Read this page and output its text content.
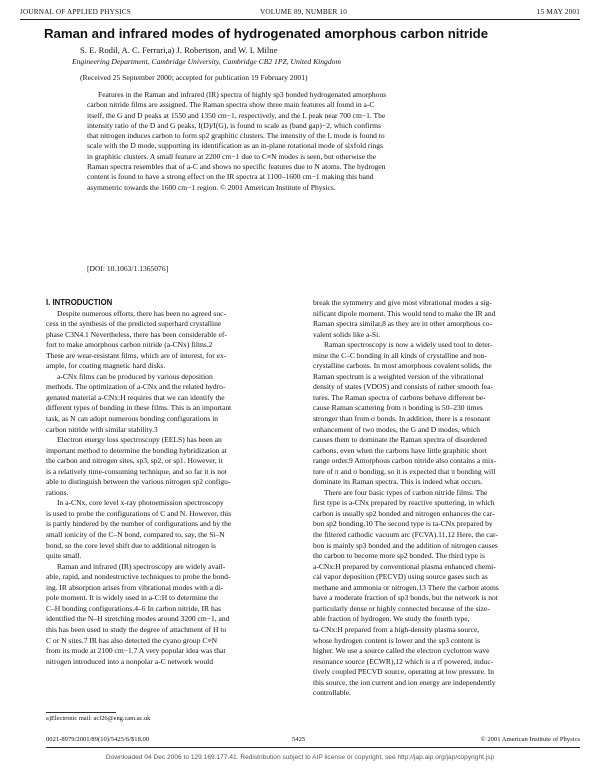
JOURNAL OF APPLIED PHYSICS	VOLUME 89, NUMBER 10	15 MAY 2001
Raman and infrared modes of hydrogenated amorphous carbon nitride
S. E. Rodil, A. C. Ferrari,a) J. Robertson, and W. I. Milne
Engineering Department, Cambridge University, Cambridge CB2 1PZ, United Kingdom
(Received 25 September 2000; accepted for publication 19 February 2001)

Features in the Raman and infrared (IR) spectra of highly sp3 bonded hydrogenated amorphous

carbon nitride films are assigned. The Raman spectra show three main features all found in a-C

itself, the G and D peaks at 1550 and 1350 cm−1, respectively, and the L peak near 700 cm−1. The

intensity ratio of the D and G peaks, I(D)/I(G), is found to scale as (band gap)−2, which confirms

that nitrogen induces carbon to form sp2 graphitic clusters. The intensity of the L mode is found to

scale with the D mode, supporting its identification as an in-plane rotational mode of sixfold rings

in graphitic clusters. A small feature at 2200 cm−1 due to C≡N modes is seen, but otherwise the

Raman spectra resembles that of a-C and shows no specific features due to N atoms. The hydrogen

content is found to have a strong effect on the IR spectra at 1100–1600 cm−1 making this band

asymmetric towards the 1600 cm−1 region. © 2001 American Institute of Physics.

[DOI: 10.1063/1.1365076]

I. INTRODUCTION

Despite numerous efforts, there has been no agreed suc-

cess in the synthesis of the predicted superhard crystalline

phase C3N4.1 Nevertheless, there has been considerable ef-

fort to make amorphous carbon nitride (a-CNx) films.2

These are wear-resistant films, which are of interest, for ex-

ample, for coating magnetic hard disks.

a-CNx films can be produced by various deposition

methods. The optimization of a-CNx and the related hydro-

genated material a-CNx:H requires that we can identify the

different types of bonding in these films. This is an important

task, as N can adopt numerous bonding configurations in

carbon nitride with similar stability.3

Electron energy loss spectroscopy (EELS) has been an

important method to determine the bonding hybridization at

the carbon and nitrogen sites, sp3, sp2, or sp1. However, it

is a relatively time-consuming technique, and so far it is not

able to distinguish between the various nitrogen sp2 configu-

rations.

In a-CNx, core level x-ray photoemission spectroscopy

is used to probe the configurations of C and N. However, this

is partly hindered by the number of configurations and by the

small ionicity of the C–N bond, compared to, say, the Si–N

bond, so the core level shift due to additional nitrogen is

quite small.

Raman and infrared (IR) spectroscopy are widely avail-

able, rapid, and nondestructive techniques to probe the bond-

ing. IR absorption arises from vibrational modes with a di-

pole moment. It is widely used in a-C:H to determine the

C–H bonding configurations.4–6 In carbon nitride, IR has

identified the N–H stretching modes around 3200 cm−1, and

this has been used to study the degree of attachment of H to

C or N sites.7 IR has also detected the cyano group C≡N

from its mode at 2100 cm−1.7 A very popular idea was that

nitrogen introduced into a nonpolar a-C network would

break the symmetry and give most vibrational modes a sig-

nificant dipole moment. This would tend to make the IR and

Raman spectra similar,8 as they are in other amorphous co-

valent solids like a-Si.

Raman spectroscopy is now a widely used tool to deter-

mine the C–C bonding in all kinds of crystalline and non-

crystalline carbons. In most amorphous covalent solids, the

Raman spectrum is a weighted version of the vibrational

density of states (VDOS) and consists of rather smooth fea-

tures. The Raman spectra of carbons behave different be-

cause Raman scattering from π bonding is 50–230 times

stronger than from σ bonds. In addition, there is a resonant

enhancement of two modes, the G and D modes, which

causes them to dominate the Raman spectra of disordered

carbons, even when the carbons have little graphitic short

range order.9 Amorphous carbon nitride also contains a mix-

ture of π and σ bonding, so it is expected that π bonding will

dominate its Raman spectra. This is indeed what occurs.

There are four basic types of carbon nitride films. The

first type is a-CNx prepared by reactive sputtering, in which

carbon is usually sp2 bonded and nitrogen enhances the car-

bon sp2 bonding.10 The second type is ta-CNx prepared by

the filtered cathodic vacuum arc (FCVA).11,12 Here, the car-

bon is mainly sp3 bonded and the addition of nitrogen causes

the carbon to become more sp2 bonded. The third type is

a-CNx:H prepared by conventional plasma enhanced chemi-

cal vapor deposition (PECVD) using source gases such as

methane and ammonia or nitrogen.13 There the carbon atoms

have a moderate fraction of sp3 bonds, but the network is not

particularly dense or highly connected because of the size-

able fraction of hydrogen. We study the fourth type,

ta-CNx:H prepared from a high-density plasma source,

whose hydrogen content is lower and the sp3 content is

higher. We use a source called the electron cyclotron wave

resonance source (ECWR),12 which is a rf powered, induc-

tively coupled PECVD source, operating at low pressure. In

this source, the ion current and ion energy are independently

controllable.

a)Electronic mail: acf26@eng.cam.ac.uk
0021-8979/2001/89(10)/5425/6/$18.00	5425	© 2001 American Institute of Physics
Downloaded 04 Dec 2006 to 129.169.177.41. Redistribution subject to AIP license or copyright, see http://jap.aip.org/jap/copyright.jsp
